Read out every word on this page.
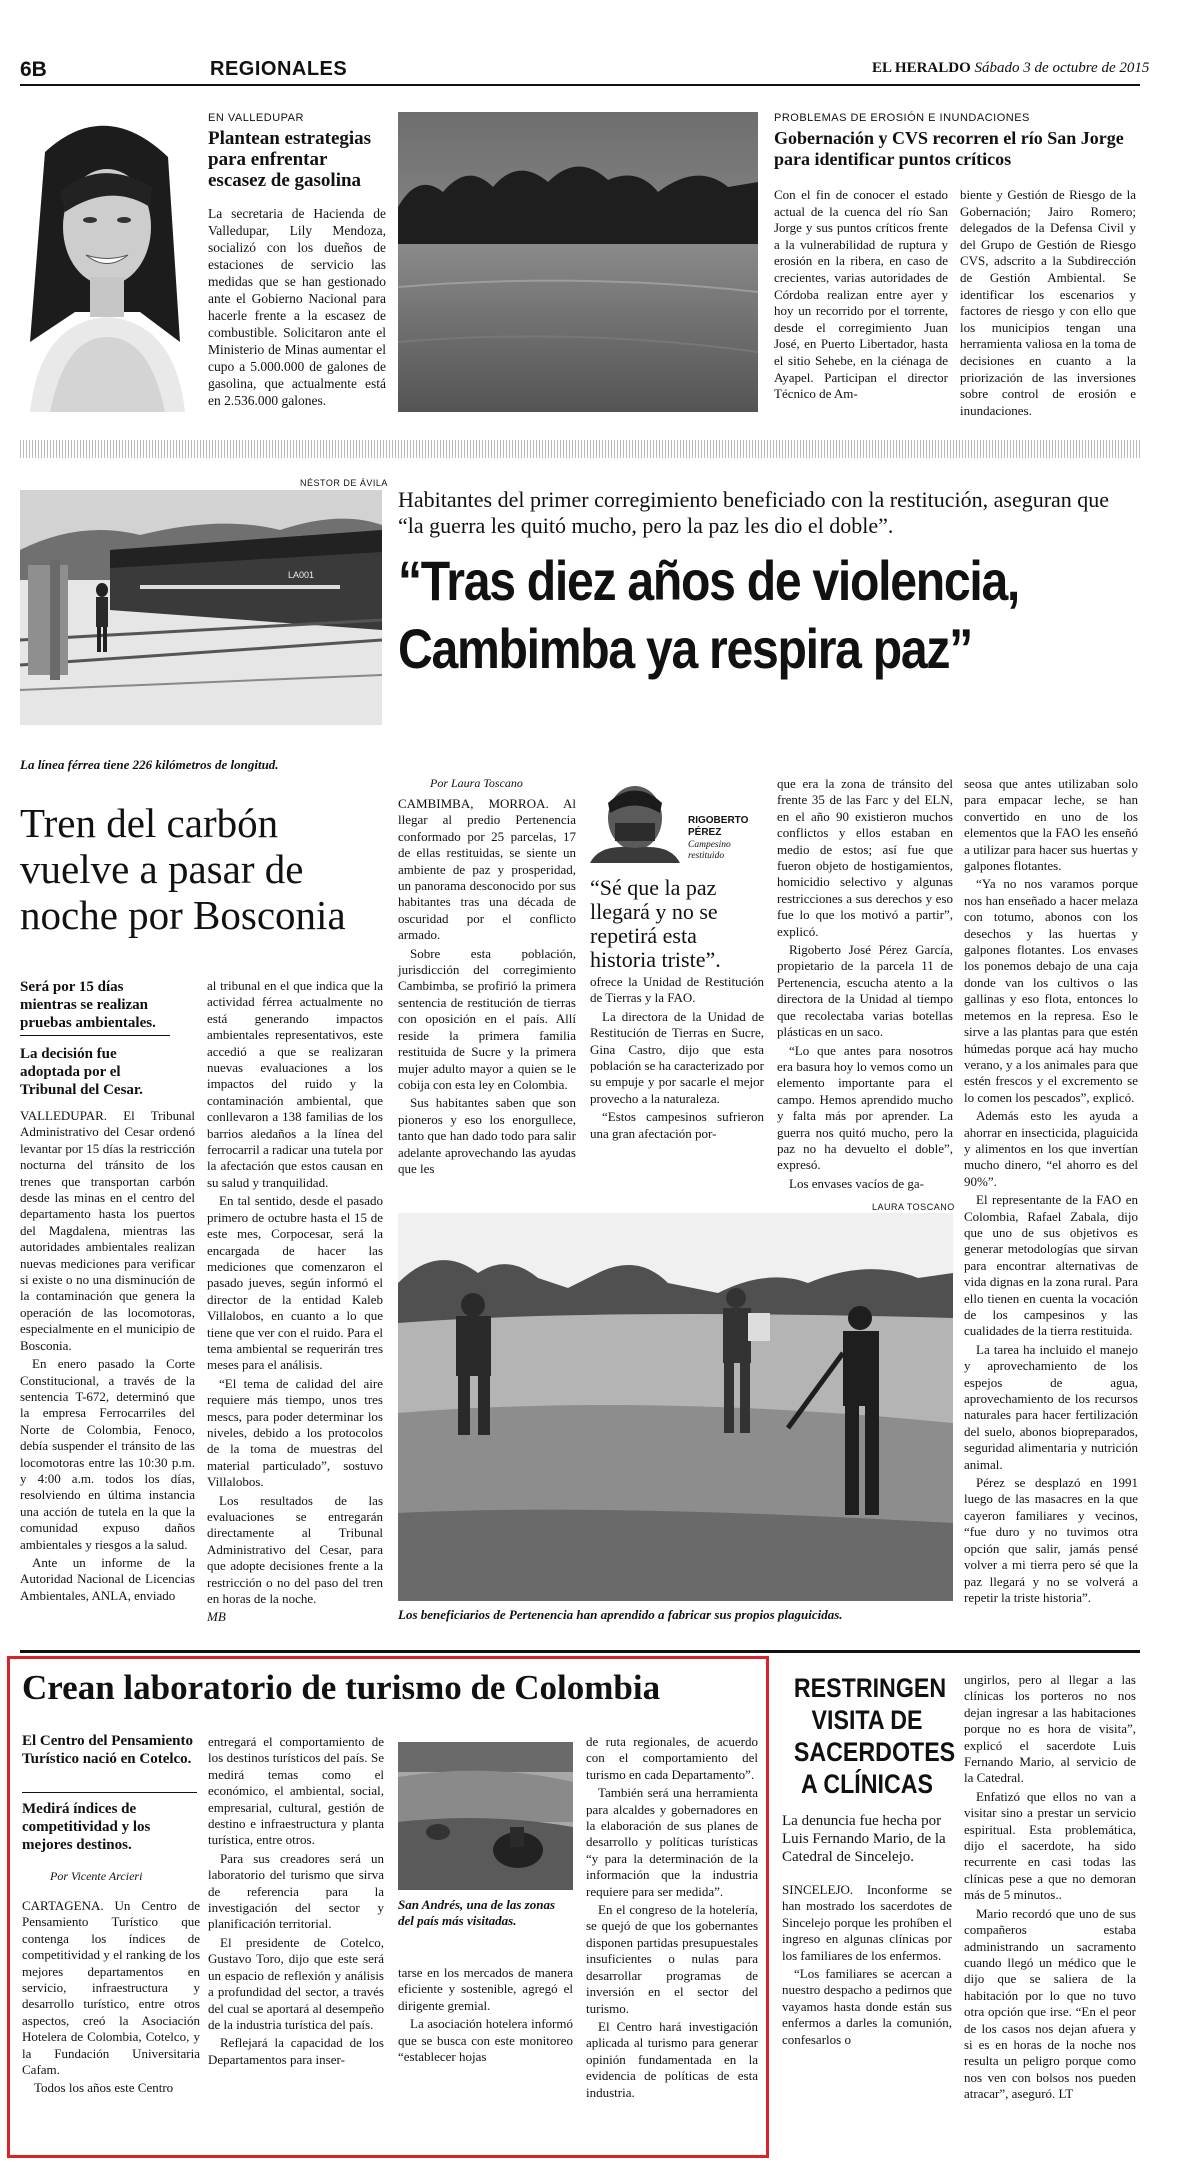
6B	REGIONALES	EL HERALDO Sábado 3 de octubre de 2015
EN VALLEDUPAR
Plantean estrategias para enfrentar escasez de gasolina

La secretaria de Hacienda de Valledupar, Lily Mendoza, socializó con los dueños de estaciones de servicio las medidas que se han gestionado ante el Gobierno Nacional para hacerle frente a la escasez de combustible. Solicitaron ante el Ministerio de Minas aumentar el cupo a 5.000.000 de galones de gasolina, que actualmente está en 2.536.000 galones.

PROBLEMAS DE EROSIÓN E INUNDACIONES
Gobernación y CVS recorren el río San Jorge para identificar puntos críticos

Con el fin de conocer el estado actual de la cuenca del río San Jorge y sus puntos críticos frente a la vulnerabilidad de ruptura y erosión en la ribera, en caso de crecientes, varias autoridades de Córdoba realizan entre ayer y hoy un recorrido por el torrente, desde el corregimiento Juan José, en Puerto Libertador, hasta el sitio Sehebe, en la ciénaga de Ayapel. Participan el director Técnico de Am-

biente y Gestión de Riesgo de la Gobernación; Jairo Romero; delegados de la Defensa Civil y del Grupo de Gestión de Riesgo CVS, adscrito a la Subdirección de Gestión Ambiental. Se identificar los escenarios y factores de riesgo y con ello que los municipios tengan una herramienta valiosa en la toma de decisiones en cuanto a la priorización de las inversiones sobre control de erosión e inundaciones.

NÉSTOR DE ÁVILA
LA001
La línea férrea tiene 226 kilómetros de longitud.
Tren del carbón vuelve a pasar de noche por Bosconia
Será por 15 días mientras se realizan pruebas ambientales.
La decisión fue adoptada por el Tribunal del Cesar.

VALLEDUPAR. El Tribunal Administrativo del Cesar ordenó levantar por 15 días la restricción nocturna del tránsito de los trenes que transportan carbón desde las minas en el centro del departamento hasta los puertos del Magdalena, mientras las autoridades ambientales realizan nuevas mediciones para verificar si existe o no una disminución de la contaminación que genera la operación de las locomotoras, especialmente en el municipio de Bosconia.

En enero pasado la Corte Constitucional, a través de la sentencia T-672, determinó que la empresa Ferrocarriles del Norte de Colombia, Fenoco, debía suspender el tránsito de las locomotoras entre las 10:30 p.m. y 4:00 a.m. todos los días, resolviendo en última instancia una acción de tutela en la que la comunidad expuso daños ambientales y riesgos a la salud.

Ante un informe de la Autoridad Nacional de Licencias Ambientales, ANLA, enviado

al tribunal en el que indica que la actividad férrea actualmente no está generando impactos ambientales representativos, este accedió a que se realizaran nuevas evaluaciones a los impactos del ruido y la contaminación ambiental, que conllevaron a 138 familias de los barrios aledaños a la línea del ferrocarril a radicar una tutela por la afectación que estos causan en su salud y tranquilidad.

En tal sentido, desde el pasado primero de octubre hasta el 15 de este mes, Corpocesar, será la encargada de hacer las mediciones que comenzaron el pasado jueves, según informó el director de la entidad Kaleb Villalobos, en cuanto a lo que tiene que ver con el ruido. Para el tema ambiental se requerirán tres meses para el análisis.

“El tema de calidad del aire requiere más tiempo, unos tres mescs, para poder determinar los niveles, debido a los protocolos de la toma de muestras del material particulado”, sostuvo Villalobos.

Los resultados de las evaluaciones se entregarán directamente al Tribunal Administrativo del Cesar, para que adopte decisiones frente a la restricción o no del paso del tren en horas de la noche.

MB

Habitantes del primer corregimiento beneficiado con la restitución, aseguran que “la guerra les quitó mucho, pero la paz les dio el doble”.
“Tras diez años de violencia, Cambimba ya respira paz”
Por Laura Toscano
RIGOBERTO PÉREZ
Campesino restituido
“Sé que la paz llegará y no se repetirá esta historia triste”.

CAMBIMBA, MORROA. Al llegar al predio Pertenencia conformado por 25 parcelas, 17 de ellas restituidas, se siente un ambiente de paz y prosperidad, un panorama desconocido por sus habitantes tras una década de oscuridad por el conflicto armado.

Sobre esta población, jurisdicción del corregimiento Cambimba, se profirió la primera sentencia de restitución de tierras con oposición en el país. Allí reside la primera familia restituida de Sucre y la primera mujer adulto mayor a quien se le cobija con esta ley en Colombia.

Sus habitantes saben que son pioneros y eso los enorgullece, tanto que han dado todo para salir adelante aprovechando las ayudas que les

ofrece la Unidad de Restitución de Tierras y la FAO.

La directora de la Unidad de Restitución de Tierras en Sucre, Gina Castro, dijo que esta población se ha caracterizado por su empuje y por sacarle el mejor provecho a la naturaleza.

“Estos campesinos sufrieron una gran afectación por-

que era la zona de tránsito del frente 35 de las Farc y del ELN, en el año 90 existieron muchos conflictos y ellos estaban en medio de estos; así fue que fueron objeto de hostigamientos, homicidio selectivo y algunas restricciones a sus derechos y eso fue lo que los motivó a partir”, explicó.

Rigoberto José Pérez García, propietario de la parcela 11 de Pertenencia, escucha atento a la directora de la Unidad al tiempo que recolectaba varias botellas plásticas en un saco.

“Lo que antes para nosotros era basura hoy lo vemos como un elemento importante para el campo. Hemos aprendido mucho y falta más por aprender. La guerra nos quitó mucho, pero la paz no ha devuelto el doble”, expresó.

Los envases vacíos de ga-

seosa que antes utilizaban solo para empacar leche, se han convertido en uno de los elementos que la FAO les enseñó a utilizar para hacer sus huertas y galpones flotantes.

“Ya no nos varamos porque nos han enseñado a hacer melaza con totumo, abonos con los desechos y las huertas y galpones flotantes. Los envases los ponemos debajo de una caja donde van los cultivos o las gallinas y eso flota, entonces lo metemos en la represa. Eso le sirve a las plantas para que estén húmedas porque acá hay mucho verano, y a los animales para que estén frescos y el excremento se lo comen los pescados”, explicó.

Además esto les ayuda a ahorrar en insecticida, plaguicida y alimentos en los que invertían mucho dinero, “el ahorro es del 90%”.

El representante de la FAO en Colombia, Rafael Zabala, dijo que uno de sus objetivos es generar metodologías que sirvan para encontrar alternativas de vida dignas en la zona rural. Para ello tienen en cuenta la vocación de los campesinos y las cualidades de la tierra restituida.

La tarea ha incluido el manejo y aprovechamiento de los espejos de agua, aprovechamiento de los recursos naturales para hacer fertilización del suelo, abonos biopreparados, seguridad alimentaria y nutrición animal.

Pérez se desplazó en 1991 luego de las masacres en la que cayeron familiares y vecinos, “fue duro y no tuvimos otra opción que salir, jamás pensé volver a mi tierra pero sé que la paz llegará y no se volverá a repetir la triste historia”.

LAURA TOSCANO
Los beneficiarios de Pertenencia han aprendido a fabricar sus propios plaguicidas.
Crean laboratorio de turismo de Colombia
El Centro del Pensamiento Turístico nació en Cotelco.
Medirá índices de competitividad y los mejores destinos.
Por Vicente Arcieri

CARTAGENA. Un Centro de Pensamiento Turístico que contenga los índices de competitividad y el ranking de los mejores departamentos en servicio, infraestructura y desarrollo turístico, entre otros aspectos, creó la Asociación Hotelera de Colombia, Cotelco, y la Fundación Universitaria Cafam.

Todos los años este Centro

entregará el comportamiento de los destinos turísticos del país. Se medirá temas como el económico, el ambiental, social, empresarial, cultural, gestión de destino e infraestructura y planta turística, entre otros.

Para sus creadores será un laboratorio del turismo que sirva de referencia para la investigación del sector y planificación territorial.

El presidente de Cotelco, Gustavo Toro, dijo que este será un espacio de reflexión y análisis a profundidad del sector, a través del cual se aportará al desempeño de la industria turística del país.

Reflejará la capacidad de los Departamentos para inser-

San Andrés, una de las zonas del país más visitadas.

tarse en los mercados de manera eficiente y sostenible, agregó el dirigente gremial.

La asociación hotelera informó que se busca con este monitoreo “establecer hojas

de ruta regionales, de acuerdo con el comportamiento del turismo en cada Departamento”.

También será una herramienta para alcaldes y gobernadores en la elaboración de sus planes de desarrollo y políticas turísticas “y para la determinación de la información que la industria requiere para ser medida”.

En el congreso de la hotelería, se quejó de que los gobernantes disponen partidas presupuestales insuficientes o nulas para desarrollar programas de inversión en el sector del turismo.

El Centro hará investigación aplicada al turismo para generar opinión fundamentada en la evidencia de políticas de esta industria.

RESTRINGEN VISITA DE SACERDOTES A CLÍNICAS
La denuncia fue hecha por Luis Fernando Mario, de la Catedral de Sincelejo.

SINCELEJO. Inconforme se han mostrado los sacerdotes de Sincelejo porque les prohíben el ingreso en algunas clínicas por los familiares de los enfermos.

“Los familiares se acercan a nuestro despacho a pedirnos que vayamos hasta donde están sus enfermos a darles la comunión, confesarlos o

ungirlos, pero al llegar a las clínicas los porteros no nos dejan ingresar a las habitaciones porque no es hora de visita”, explicó el sacerdote Luis Fernando Mario, al servicio de la Catedral.

Enfatizó que ellos no van a visitar sino a prestar un servicio espiritual. Esta problemática, dijo el sacerdote, ha sido recurrente en casi todas las clínicas pese a que no demoran más de 5 minutos..

Mario recordó que uno de sus compañeros estaba administrando un sacramento cuando llegó un médico que le dijo que se saliera de la habitación por lo que no tuvo otra opción que irse. “En el peor de los casos nos dejan afuera y si es en horas de la noche nos resulta un peligro porque como nos ven con bolsos nos pueden atracar”, aseguró. LT
